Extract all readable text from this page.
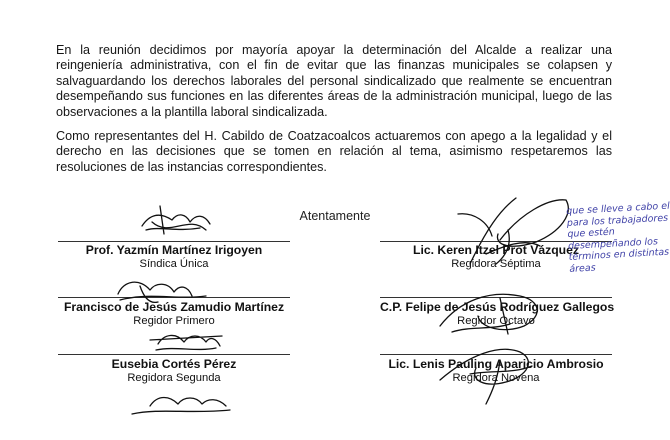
En la reunión decidimos por mayoría apoyar la determinación del Alcalde a realizar una reingeniería administrativa, con el fin de evitar que las finanzas municipales se colapsen y salvaguardando los derechos laborales del personal sindicalizado que realmente se encuentran desempeñando sus funciones en las diferentes áreas de la administración municipal, luego de las observaciones a la plantilla laboral sindicalizada.

Como representantes del H. Cabildo de Coatzacoalcos actuaremos con apego a la legalidad y el derecho en las decisiones que se tomen en relación al tema, asimismo respetaremos las resoluciones de las instancias correspondientes.

Atentamente
Prof. Yazmín Martínez Irigoyen
Síndica Única
Francisco de Jesús Zamudio Martínez
Regidor Primero
Eusebia Cortés Pérez
Regidora Segunda
Lic. Keren Itzel Prot Vázquez
Regidora Séptima
C.P. Felipe de Jesús Rodríguez Gallegos
Regidor Octavo
Lic. Lenis Pauling Aparicio Ambrosio
Regidora Novena
que se lleve a cabo el para los trabajadores que estén desempeñando los términos en distintas áreas
